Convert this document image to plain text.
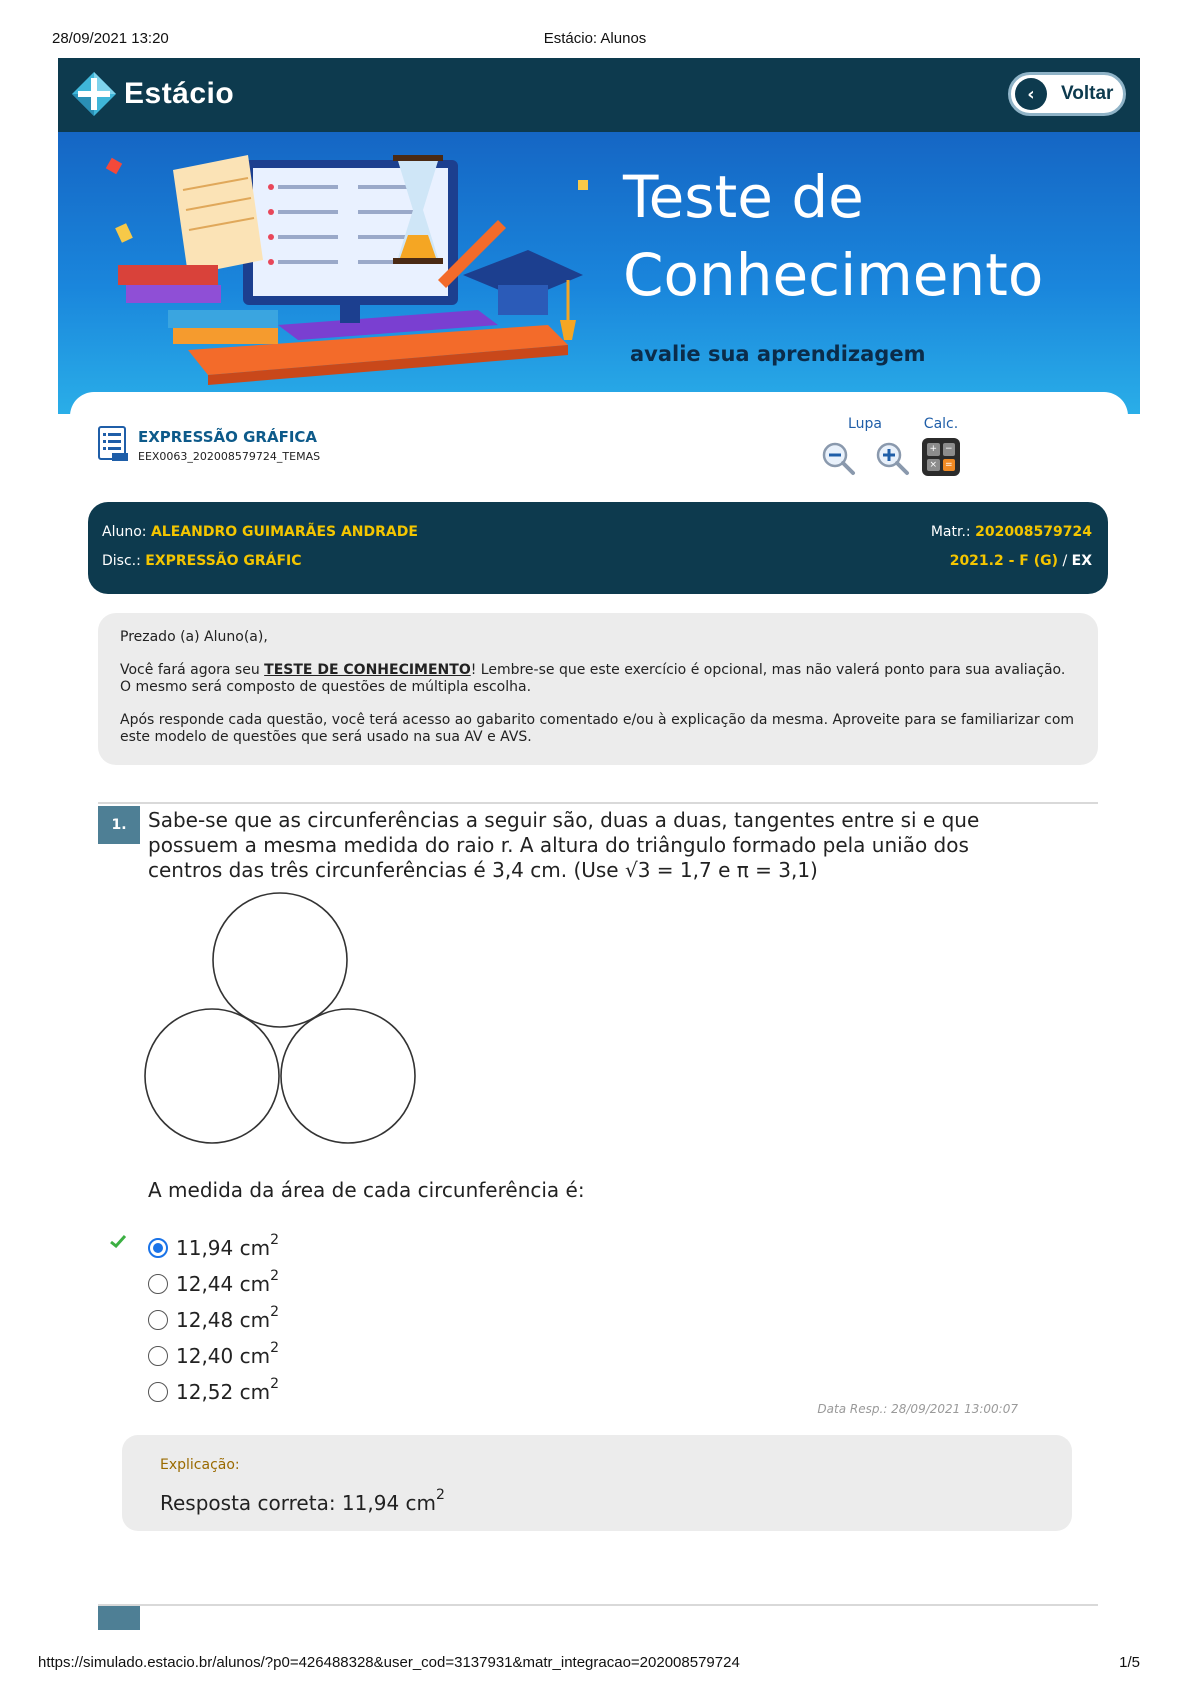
28/09/2021 13:20	Estácio: Alunos
Estácio	‹	Voltar
Teste de Conhecimento
avalie sua aprendizagem
EXPRESSÃO GRÁFICA
EEX0063_202008579724_TEMAS
Lupa	Calc.
+ −
× =
Aluno: ALEANDRO GUIMARÃES ANDRADE	Matr.: 202008579724
Disc.: EXPRESSÃO GRÁFIC	2021.2 - F (G) / EX

Prezado (a) Aluno(a),

Você fará agora seu TESTE DE CONHECIMENTO! Lembre-se que este exercício é opcional, mas não valerá ponto para sua avaliação. O mesmo será composto de questões de múltipla escolha.

Após responde cada questão, você terá acesso ao gabarito comentado e/ou à explicação da mesma. Aproveite para se familiarizar com este modelo de questões que será usado na sua AV e AVS.

1.	Sabe-se que as circunferências a seguir são, duas a duas, tangentes entre si e que possuem a mesma medida do raio r. A altura do triângulo formado pela união dos centros das três circunferências é 3,4 cm. (Use √3 = 1,7 e π = 3,1)
A medida da área de cada circunferência é:
11,94 $cm^2$
12,44 $cm^2$
12,48 $cm^2$
12,40 $cm^2$
12,52 $cm^2$
Data Resp.: 28/09/2021 13:00:07
Explicação:
Resposta correta: 11,94 $cm^2$
https://simulado.estacio.br/alunos/?p0=426488328&user_cod=3137931&matr_integracao=202008579724	1/5
